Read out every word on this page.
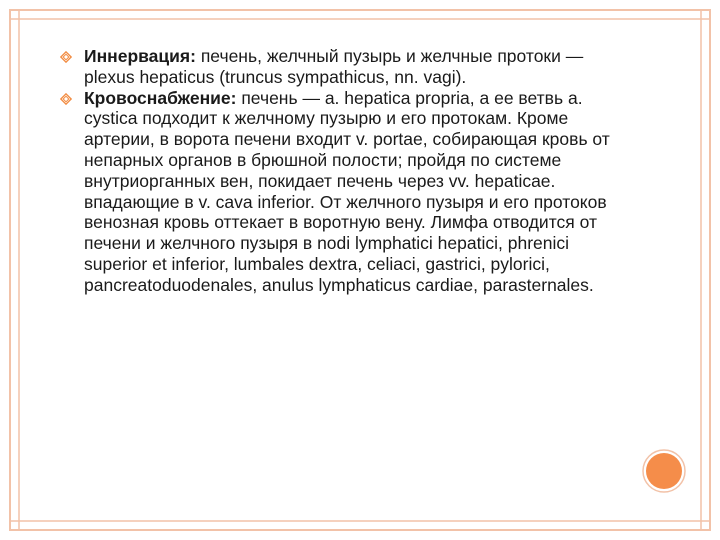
Иннервация: печень, желчный пузырь и желчные протоки — plexus hepaticus (truncus sympathicus, nn. vagi).
Кровоснабжение: печень — a. hepatica propria, а ее ветвь a. cystica подходит к желчному пузырю и его протокам. Кроме артерии, в ворота печени входит v. portae, собирающая кровь от непарных органов в брюшной полости; пройдя по системе внутриорганных вен, покидает печень через vv. hepaticae. впадающие в v. cava inferior. От желчного пузыря и его протоков венозная кровь оттекает в воротную вену. Лимфа отводится от печени и желчного пузыря в nodi lymphatici hepatici, phrenici superior et inferior, lumbales dextra, celiaci, gastrici, pylorici, pancreatoduodenales, anulus lymphaticus cardiae, parasternales.
